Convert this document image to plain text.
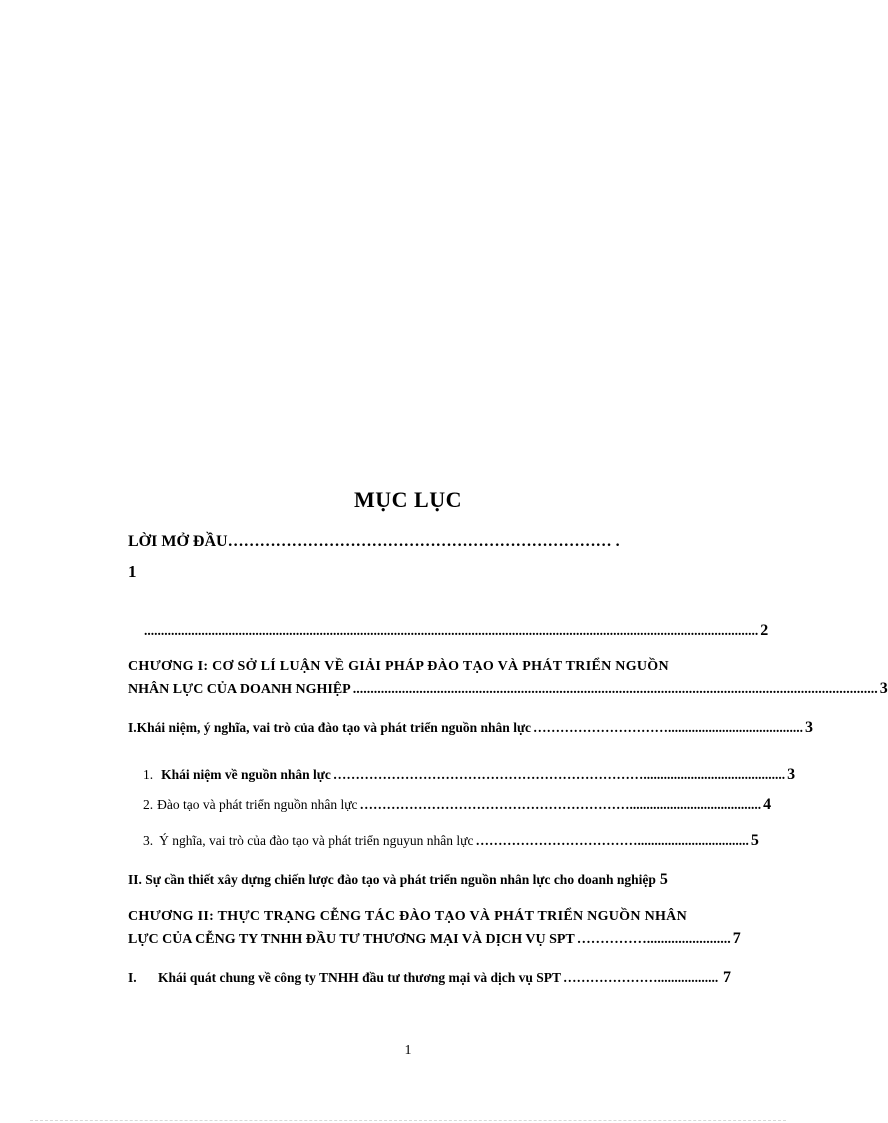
MỤC LỤC
LỜI MỞ ĐẦU……………………………………………………………… .
1
...................................................................................................................................................................................... 2
CHƯƠNG I: CƠ SỞ LÍ LUẬN VỀ GIẢI PHÁP ĐÀO TẠO VÀ PHÁT TRIỂN NGUỒN
NHÂN LỰC CỦA DOANH NGHIỆP ...................................................................................................................................................... 3
I.Khái niệm, ý nghĩa, vai trò của đào tạo và phát triển nguồn nhân lực …………………………........................................ 3
1. Khái niệm về nguồn nhân lực …………………………………………………………….......................................... 3
2. Đào tạo và phát triển nguồn nhân lực ……………………………………………………....................................... 4
3. Ý nghĩa, vai trò của đào tạo và phát triển nguyun nhân lực ………………………………................................. 5
II. Sự cần thiết xây dựng chiến lược đào tạo và phát triển nguồn nhân lực cho doanh nghiệp 5
CHƯƠNG II: THỰC TRẠNG CỄNG TÁC ĐÀO TẠO VÀ PHÁT TRIỂN NGUỒN NHÂN
LỰC CỦA CỄNG TY TNHH ĐẦU TƯ THƯƠNG MẠI VÀ DỊCH VỤ SPT ……………........................ 7
I.	Khái quát chung về công ty TNHH đầu tư thương mại và dịch vụ SPT ………………….................. 7
1
